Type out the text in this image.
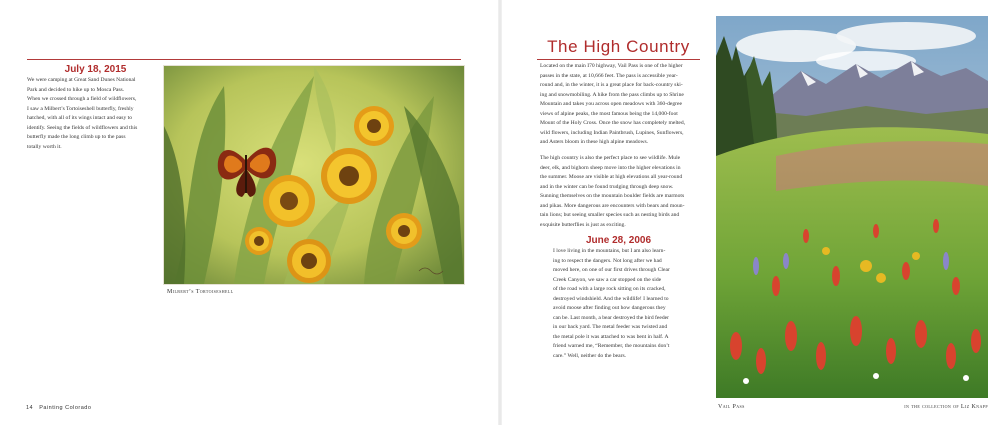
July 18, 2015
We were camping at Great Sand Dunes National
Park and decided to hike up to Mosca Pass.
When we crossed through a field of wildflowers,
I saw a Milbert’s Tortoiseshell butterfly, freshly
hatched, with all of its wings intact and easy to
identify. Seeing the fields of wildflowers and this
butterfly made the long climb up to the pass
totally worth it.
Milbert’s Tortoiseshell
14   Painting Colorado
The High Country
Located on the main I70 highway, Vail Pass is one of the higher
passes in the state, at 10,666 feet. The pass is accessible year-
round and, in the winter, it is a great place for back-country ski-
ing and snowmobiling. A hike from the pass climbs up to Shrine
Mountain and takes you across open meadows with 360-degree
views of alpine peaks, the most famous being the 14,000-foot
Mount of the Holy Cross. Once the snow has completely melted,
wild flowers, including Indian Paintbrush, Lupines, Sunflowers,
and Asters bloom in these high alpine meadows.
The high country is also the perfect place to see wildlife. Mule
deer, elk, and bighorn sheep move into the higher elevations in
the summer. Moose are visible at high elevations all year-round
and in the winter can be found trudging through deep snow.
Sunning themselves on the mountain boulder fields are marmots
and pikas. More dangerous are encounters with bears and moun-
tain lions; but seeing smaller species such as nesting birds and
exquisite butterflies is just as exciting.
June 28, 2006
I love living in the mountains, but I am also learn-
ing to respect the dangers. Not long after we had
moved here, on one of our first drives through Clear
Creek Canyon, we saw a car stopped on the side
of the road with a large rock sitting on its cracked,
destroyed windshield. And the wildlife! I learned to
avoid moose after finding out how dangerous they
can be. Last month, a bear destroyed the bird feeder
in our back yard. The metal feeder was twisted and
the metal pole it was attached to was bent in half. A
friend warned me, “Remember, the mountains don’t
care.” Well, neither do the bears.
Vail Pass	in the collection of Liz Knapp
